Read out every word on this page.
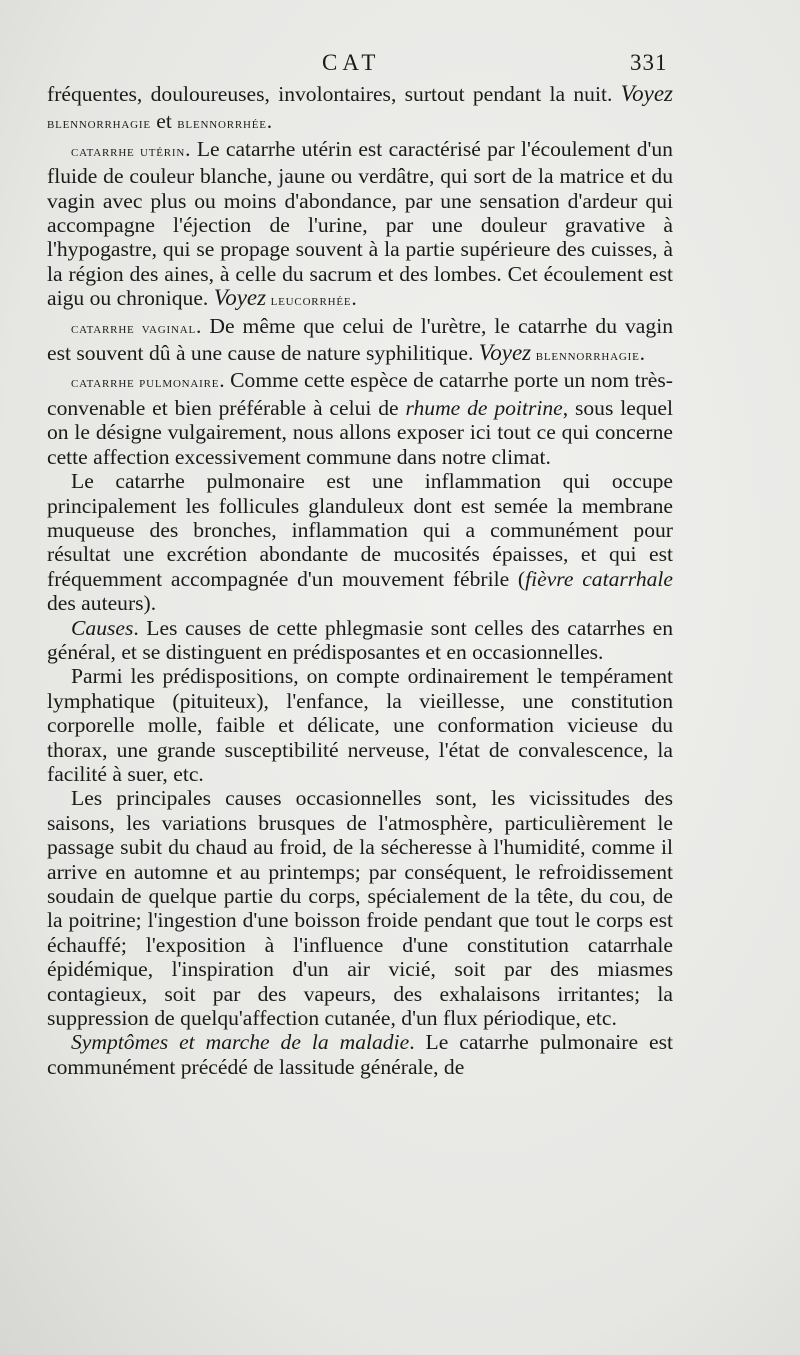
CAT	331

fréquentes, douloureuses, involontaires, surtout pendant la nuit. Voyez blennorrhagie et blennorrhée.

catarrhe utérin. Le catarrhe utérin est caractérisé par l'écoulement d'un fluide de couleur blanche, jaune ou verdâtre, qui sort de la matrice et du vagin avec plus ou moins d'abondance, par une sensation d'ardeur qui accompagne l'éjection de l'urine, par une douleur gravative à l'hypogastre, qui se propage souvent à la partie supérieure des cuisses, à la région des aines, à celle du sacrum et des lombes. Cet écoulement est aigu ou chronique. Voyez leucorrhée.

catarrhe vaginal. De même que celui de l'urètre, le catarrhe du vagin est souvent dû à une cause de nature syphilitique. Voyez blennorrhagie.

catarrhe pulmonaire. Comme cette espèce de catarrhe porte un nom très-convenable et bien préférable à celui de rhume de poitrine, sous lequel on le désigne vulgairement, nous allons exposer ici tout ce qui concerne cette affection excessivement commune dans notre climat.

Le catarrhe pulmonaire est une inflammation qui occupe principalement les follicules glanduleux dont est semée la membrane muqueuse des bronches, inflammation qui a communément pour résultat une excrétion abondante de mucosités épaisses, et qui est fréquemment accompagnée d'un mouvement fébrile (fièvre catarrhale des auteurs).

Causes. Les causes de cette phlegmasie sont celles des catarrhes en général, et se distinguent en prédisposantes et en occasionnelles.

Parmi les prédispositions, on compte ordinairement le tempérament lymphatique (pituiteux), l'enfance, la vieillesse, une constitution corporelle molle, faible et délicate, une conformation vicieuse du thorax, une grande susceptibilité nerveuse, l'état de convalescence, la facilité à suer, etc.

Les principales causes occasionnelles sont, les vicissitudes des saisons, les variations brusques de l'atmosphère, particulièrement le passage subit du chaud au froid, de la sécheresse à l'humidité, comme il arrive en automne et au printemps; par conséquent, le refroidissement soudain de quelque partie du corps, spécialement de la tête, du cou, de la poitrine; l'ingestion d'une boisson froide pendant que tout le corps est échauffé; l'exposition à l'influence d'une constitution catarrhale épidémique, l'inspiration d'un air vicié, soit par des miasmes contagieux, soit par des vapeurs, des exhalaisons irritantes; la suppression de quelqu'affection cutanée, d'un flux périodique, etc.

Symptômes et marche de la maladie. Le catarrhe pulmonaire est communément précédé de lassitude générale, de
